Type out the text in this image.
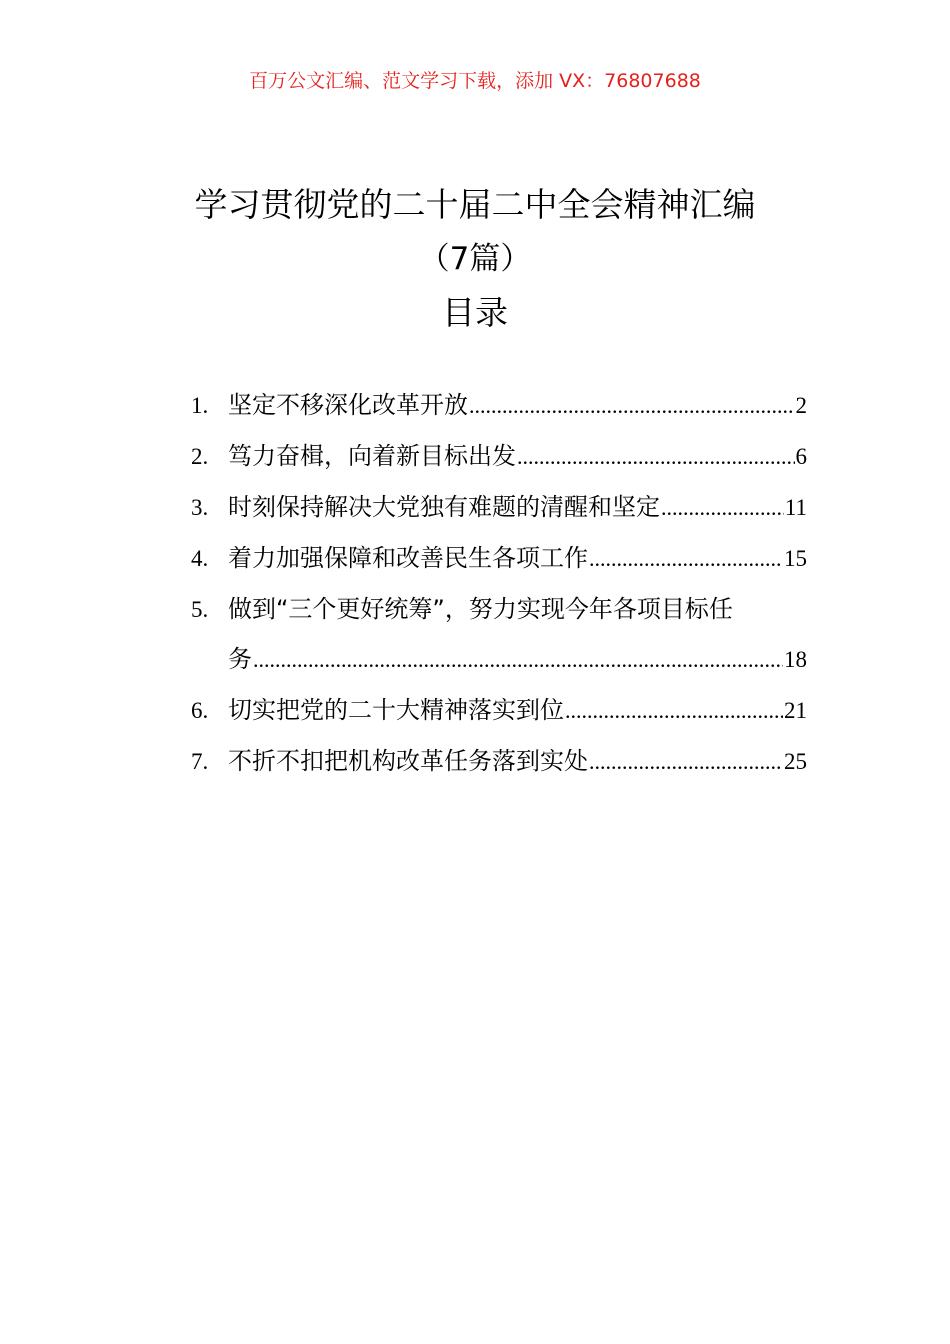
百万公文汇编、范文学习下载，添加 VX：76807688
学习贯彻党的二十届二中全会精神汇编
（7篇）
目录
1. 坚定不移深化改革开放 .....	2
2. 笃力奋楫，向着新目标出发 .....	6
3. 时刻保持解决大党独有难题的清醒和坚定 .....	11
4. 着力加强保障和改善民生各项工作 .....	15
5. 做到“三个更好统筹”，努力实现今年各项目标任
务 .....	18
6. 切实把党的二十大精神落实到位 .....	21
7. 不折不扣把机构改革任务落到实处 .....	25
